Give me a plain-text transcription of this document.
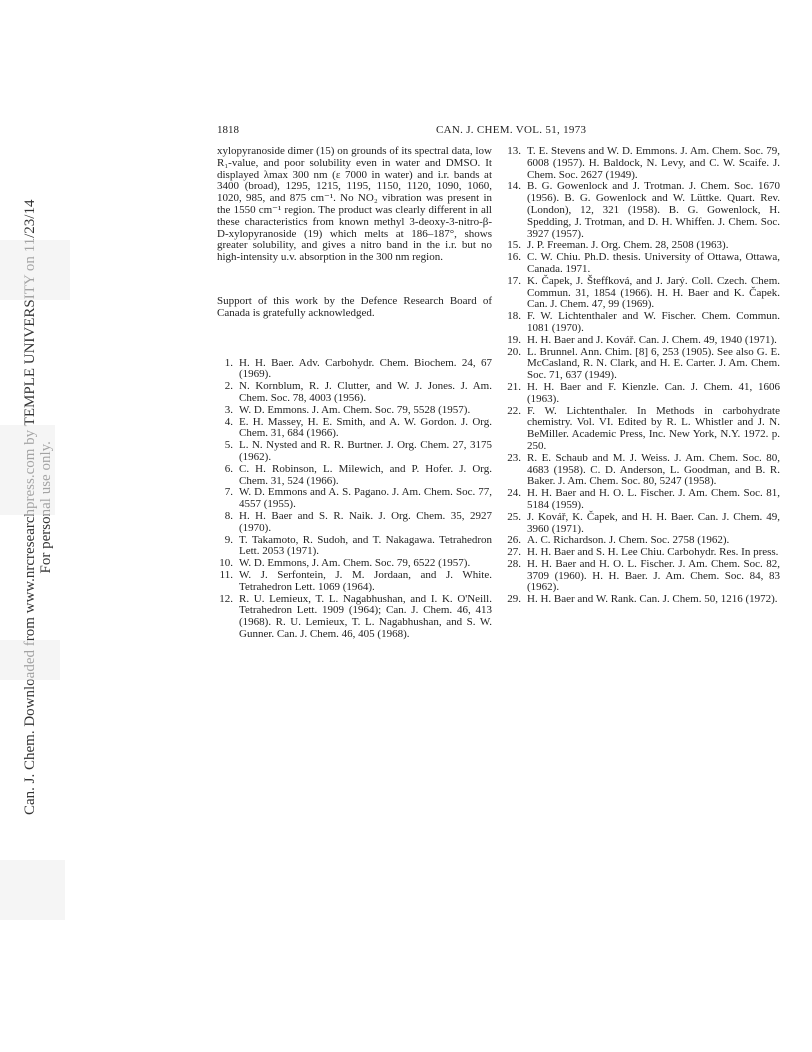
1818	CAN. J. CHEM. VOL. 51, 1973

xylopyranoside dimer (15) on grounds of its spectral data, low R₁-value, and poor solubility even in water and DMSO. It displayed λmax 300 nm (ε 7000 in water) and i.r. bands at 3400 (broad), 1295, 1215, 1195, 1150, 1120, 1090, 1060, 1020, 985, and 875 cm⁻¹. No NO₂ vibration was present in the 1550 cm⁻¹ region. The product was clearly different in all these characteristics from known methyl 3-deoxy-3-nitro-β-D-xylopyranoside (19) which melts at 186–187°, shows greater solubility, and gives a nitro band in the i.r. but no high-intensity u.v. absorption in the 300 nm region.

Support of this work by the Defence Research Board of Canada is gratefully acknowledged.

1. H. H. Baer. Adv. Carbohydr. Chem. Biochem. 24, 67 (1969).
2. N. Kornblum, R. J. Clutter, and W. J. Jones. J. Am. Chem. Soc. 78, 4003 (1956).
3. W. D. Emmons. J. Am. Chem. Soc. 79, 5528 (1957).
4. E. H. Massey, H. E. Smith, and A. W. Gordon. J. Org. Chem. 31, 684 (1966).
5. L. N. Nysted and R. R. Burtner. J. Org. Chem. 27, 3175 (1962).
6. C. H. Robinson, L. Milewich, and P. Hofer. J. Org. Chem. 31, 524 (1966).
7. W. D. Emmons and A. S. Pagano. J. Am. Chem. Soc. 77, 4557 (1955).
8. H. H. Baer and S. R. Naik. J. Org. Chem. 35, 2927 (1970).
9. T. Takamoto, R. Sudoh, and T. Nakagawa. Tetrahedron Lett. 2053 (1971).
10. W. D. Emmons, J. Am. Chem. Soc. 79, 6522 (1957).
11. W. J. Serfontein, J. M. Jordaan, and J. White. Tetrahedron Lett. 1069 (1964).
12. R. U. Lemieux, T. L. Nagabhushan, and I. K. O'Neill. Tetrahedron Lett. 1909 (1964); Can. J. Chem. 46, 413 (1968). R. U. Lemieux, T. L. Nagabhushan, and S. W. Gunner. Can. J. Chem. 46, 405 (1968).
13. T. E. Stevens and W. D. Emmons. J. Am. Chem. Soc. 79, 6008 (1957). H. Baldock, N. Levy, and C. W. Scaife. J. Chem. Soc. 2627 (1949).
14. B. G. Gowenlock and J. Trotman. J. Chem. Soc. 1670 (1956). B. G. Gowenlock and W. Lüttke. Quart. Rev. (London), 12, 321 (1958). B. G. Gowenlock, H. Spedding, J. Trotman, and D. H. Whiffen. J. Chem. Soc. 3927 (1957).
15. J. P. Freeman. J. Org. Chem. 28, 2508 (1963).
16. C. W. Chiu. Ph.D. thesis. University of Ottawa, Ottawa, Canada. 1971.
17. K. Čapek, J. Šteffková, and J. Jarý. Coll. Czech. Chem. Commun. 31, 1854 (1966). H. H. Baer and K. Čapek. Can. J. Chem. 47, 99 (1969).
18. F. W. Lichtenthaler and W. Fischer. Chem. Commun. 1081 (1970).
19. H. H. Baer and J. Kovář. Can. J. Chem. 49, 1940 (1971).
20. L. Brunnel. Ann. Chim. [8] 6, 253 (1905). See also G. E. McCasland, R. N. Clark, and H. E. Carter. J. Am. Chem. Soc. 71, 637 (1949).
21. H. H. Baer and F. Kienzle. Can. J. Chem. 41, 1606 (1963).
22. F. W. Lichtenthaler. In Methods in carbohydrate chemistry. Vol. VI. Edited by R. L. Whistler and J. N. BeMiller. Academic Press, Inc. New York, N.Y. 1972. p. 250.
23. R. E. Schaub and M. J. Weiss. J. Am. Chem. Soc. 80, 4683 (1958). C. D. Anderson, L. Goodman, and B. R. Baker. J. Am. Chem. Soc. 80, 5247 (1958).
24. H. H. Baer and H. O. L. Fischer. J. Am. Chem. Soc. 81, 5184 (1959).
25. J. Kovář, K. Čapek, and H. H. Baer. Can. J. Chem. 49, 3960 (1971).
26. A. C. Richardson. J. Chem. Soc. 2758 (1962).
27. H. H. Baer and S. H. Lee Chiu. Carbohydr. Res. In press.
28. H. H. Baer and H. O. L. Fischer. J. Am. Chem. Soc. 82, 3709 (1960). H. H. Baer. J. Am. Chem. Soc. 84, 83 (1962).
29. H. H. Baer and W. Rank. Can. J. Chem. 50, 1216 (1972).
